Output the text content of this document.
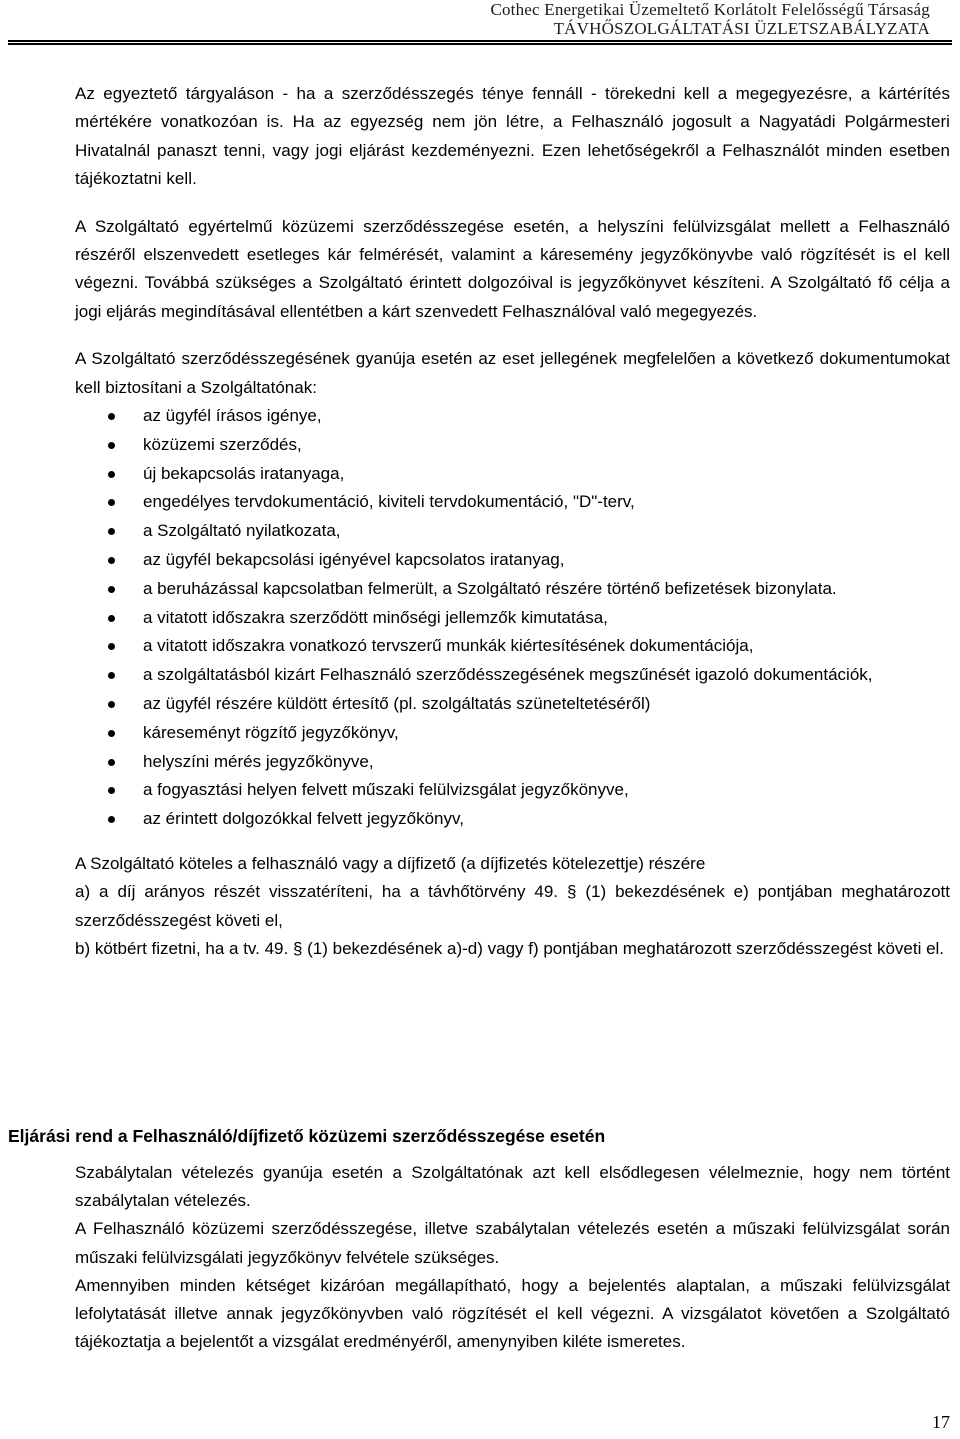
Cothec Energetikai Üzemeltető Korlátolt Felelősségű Társaság
TÁVHŐSZOLGÁLTATÁSI ÜZLETSZABÁLYZATA

Az egyeztető tárgyaláson - ha a szerződésszegés ténye fennáll - törekedni kell a megegyezésre, a kártérítés mértékére vonatkozóan is. Ha az egyezség nem jön létre, a Felhasználó jogosult a Nagyatádi Polgármesteri Hivatalnál panaszt tenni, vagy jogi eljárást kezdeményezni. Ezen lehetőségekről a Felhasználót minden esetben tájékoztatni kell.

A Szolgáltató egyértelmű közüzemi szerződésszegése esetén, a helyszíni felülvizsgálat mellett a Felhasználó részéről elszenvedett esetleges kár felmérését, valamint a káresemény jegyzőkönyvbe való rögzítését is el kell végezni. Továbbá szükséges a Szolgáltató érintett dolgozóival is jegyzőkönyvet készíteni. A Szolgáltató fő célja a jogi eljárás megindításával ellentétben a kárt szenvedett Felhasználóval való megegyezés.

A Szolgáltató szerződésszegésének gyanúja esetén az eset jellegének megfelelően a következő dokumentumokat kell biztosítani a Szolgáltatónak:

az ügyfél írásos igénye,
közüzemi szerződés,
új bekapcsolás iratanyaga,
engedélyes tervdokumentáció, kiviteli tervdokumentáció, "D"-terv,
a Szolgáltató nyilatkozata,
az ügyfél bekapcsolási igényével kapcsolatos iratanyag,
a beruházással kapcsolatban felmerült, a Szolgáltató részére történő befizetések bizonylata.
a vitatott időszakra szerződött minőségi jellemzők kimutatása,
a vitatott időszakra vonatkozó tervszerű munkák kiértesítésének dokumentációja,
a szolgáltatásból kizárt Felhasználó szerződésszegésének megszűnését igazoló dokumentációk,
az ügyfél részére küldött értesítő (pl. szolgáltatás szüneteltetéséről)
káreseményt rögzítő jegyzőkönyv,
helyszíni mérés jegyzőkönyve,
a fogyasztási helyen felvett műszaki felülvizsgálat jegyzőkönyve,
az érintett dolgozókkal felvett jegyzőkönyv,

A Szolgáltató köteles a felhasználó vagy a díjfizető (a díjfizetés kötelezettje) részére

a) a díj arányos részét visszatéríteni, ha a távhőtörvény 49. § (1) bekezdésének e) pontjában meghatározott szerződésszegést követi el,

b) kötbért fizetni, ha a tv. 49. § (1) bekezdésének a)-d) vagy f) pontjában meghatározott szerződésszegést követi el.

Eljárási rend a Felhasználó/díjfizető közüzemi szerződésszegése esetén

Szabálytalan vételezés gyanúja esetén a Szolgáltatónak azt kell elsődlegesen vélelmeznie, hogy nem történt szabálytalan vételezés.

A Felhasználó közüzemi szerződésszegése, illetve szabálytalan vételezés esetén a műszaki felülvizsgálat során műszaki felülvizsgálati jegyzőkönyv felvétele szükséges.

Amennyiben minden kétséget kizáróan megállapítható, hogy a bejelentés alaptalan, a műszaki felülvizsgálat lefolytatását illetve annak jegyzőkönyvben való rögzítését el kell végezni. A vizsgálatot követően a Szolgáltató tájékoztatja a bejelentőt a vizsgálat eredményéről, amenynyiben kiléte ismeretes.

17
